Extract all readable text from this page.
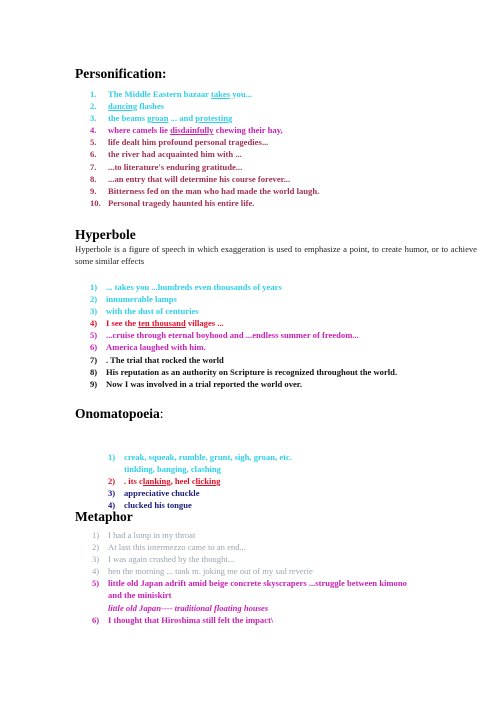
Personification:
1. The Middle Eastern bazaar takes you...

2. dancing flashes

3. the beams groan ... and protesting

4. where camels lie disdainfully chewing their hay,

5. life dealt him profound personal tragedies...

6. the river had acquainted him with ...

7. ...to literature's enduring gratitude...

8. ...an entry that will determine his course forever...

9. Bitterness fed on the man who had made the world laugh.

10. Personal tragedy haunted his entire life.

Hyperbole

Hyperbole is a figure of speech in which exaggeration is used to emphasize a point, to create humor, or to achieve some similar effects

1) ... takes you ...hundreds even thousands of years

2) innumerable lamps

3) with the dust of centuries

4) I see the ten thousand villages ...

5) ...cruise through eternal boyhood and ...endless summer of freedom...

6) America laughed with him.

7) . The trial that rocked the world

8) His reputation as an authority on Scripture is recognized throughout the world.

9) Now I was involved in a trial reported the world over.

Onomatopoeia:
1) creak, squeak, rumble, grunt, sigh, groan, etc.

tinkling, banging, clashing

2) . its clanking, heel clicking

3) appreciative chuckle

4) clucked his tongue

Metaphor
1) I had a lump in my throat

2) At last this intermezzo came to an end...

3) I was again crushed by the thought...

4) hen the morning ... tank m. joking me out of my sad reverie

5) little old Japan adrift amid beige concrete skyscrapers ...struggle between kimono

and the miniskirt

little old Japan---- traditional floating houses

6) I thought that Hiroshima still felt the impact\
